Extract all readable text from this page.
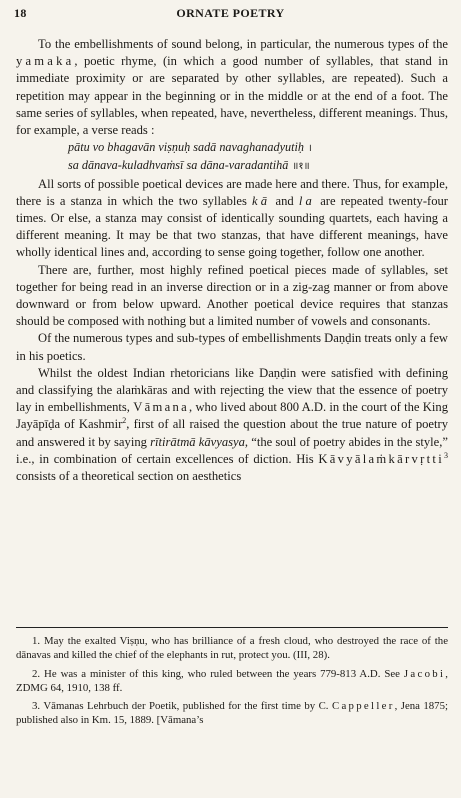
18	ORNATE POETRY

To the embellishments of sound belong, in particular, the numerous types of the yamaka, poetic rhyme, (in which a good number of syllables, that stand in immediate proximity or are separated by other syllables, are repeated). Such a repetition may appear in the beginning or in the middle or at the end of a foot. The same series of syllables, when repeated, have, nevertheless, different meanings. Thus, for example, a verse reads :

pātu vo bhagavān viṣṇuḥ sadā navaghanadyutiḥ ।
sa dānava-kuladhvaṁsī sa dāna-varadantihā ॥१॥

All sorts of possible poetical devices are made here and there. Thus, for example, there is a stanza in which the two syllables kā and la are repeated twenty-four times. Or else, a stanza may consist of identically sounding quartets, each having a different meaning. It may be that two stanzas, that have different meanings, have wholly identical lines and, according to sense going together, follow one another.

There are, further, most highly refined poetical pieces made of syllables, set together for being read in an inverse direction or in a zig-zag manner or from above downward or from below upward. Another poetical device requires that stanzas should be composed with nothing but a limited number of vowels and consonants.

Of the numerous types and sub-types of embellishments Daṇḍin treats only a few in his poetics.

Whilst the oldest Indian rhetoricians like Daṇḍin were satisfied with defining and classifying the alaṁkāras and with rejecting the view that the essence of poetry lay in embellishments, Vāmana, who lived about 800 A.D. in the court of the King Jayāpīḍa of Kashmir$^2$, first of all raised the question about the true nature of poetry and answered it by saying rītirātmā kāvyasya, “the soul of poetry abides in the style,” i.e., in combination of certain excellences of diction. His Kāvyālaṁkārvṛtti$^3$ consists of a theoretical section on aesthetics

1. May the exalted Viṣṇu, who has brilliance of a fresh cloud, who destroyed the race of the dānavas and killed the chief of the elephants in rut, protect you. (III, 28).

2. He was a minister of this king, who ruled between the years 779-813 A.D. See Jacobi, ZDMG 64, 1910, 138 ff.

3. Vāmanas Lehrbuch der Poetik, published for the first time by C. Cappeller, Jena 1875; published also in Km. 15, 1889. [Vāmana’s
